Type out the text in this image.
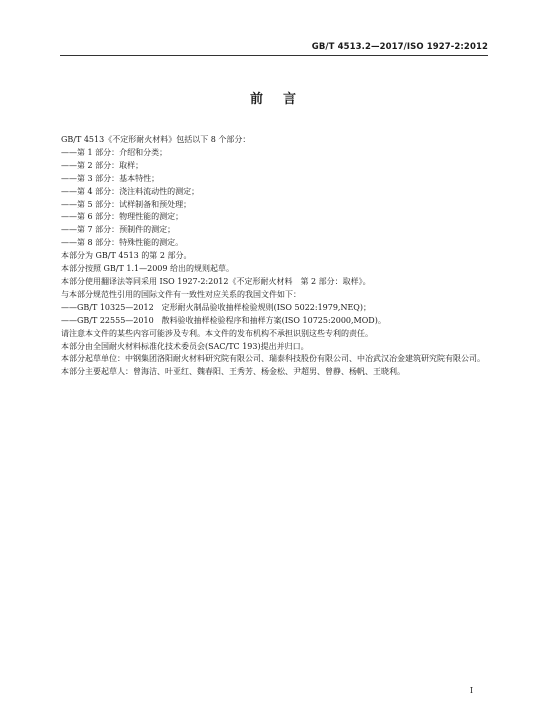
GB/T 4513.2—2017/ISO 1927-2:2012
前言
GB/T 4513《不定形耐火材料》包括以下 8 个部分：
——第 1 部分：介绍和分类；
——第 2 部分：取样；
——第 3 部分：基本特性；
——第 4 部分：浇注料流动性的测定；
——第 5 部分：试样制备和预处理；
——第 6 部分：物理性能的测定；
——第 7 部分：预制件的测定；
——第 8 部分：特殊性能的测定。
本部分为 GB/T 4513 的第 2 部分。
本部分按照 GB/T 1.1—2009 给出的规则起草。
本部分使用翻译法等同采用 ISO 1927-2:2012《不定形耐火材料　第 2 部分：取样》。
与本部分规范性引用的国际文件有一致性对应关系的我国文件如下：
——GB/T 10325—2012　定形耐火制品验收抽样检验规则(ISO 5022:1979,NEQ)；
——GB/T 22555—2010　散料验收抽样检验程序和抽样方案(ISO 10725:2000,MOD)。
请注意本文件的某些内容可能涉及专利。本文件的发布机构不承担识别这些专利的责任。
本部分由全国耐火材料标准化技术委员会(SAC/TC 193)提出并归口。
本部分起草单位：中钢集团洛阳耐火材料研究院有限公司、瑞泰科技股份有限公司、中冶武汉冶金建筑研究院有限公司。
本部分主要起草人：曾海洁、叶亚红、魏春阳、王秀芳、杨金松、尹超男、曾静、杨帆、王晓利。
I
